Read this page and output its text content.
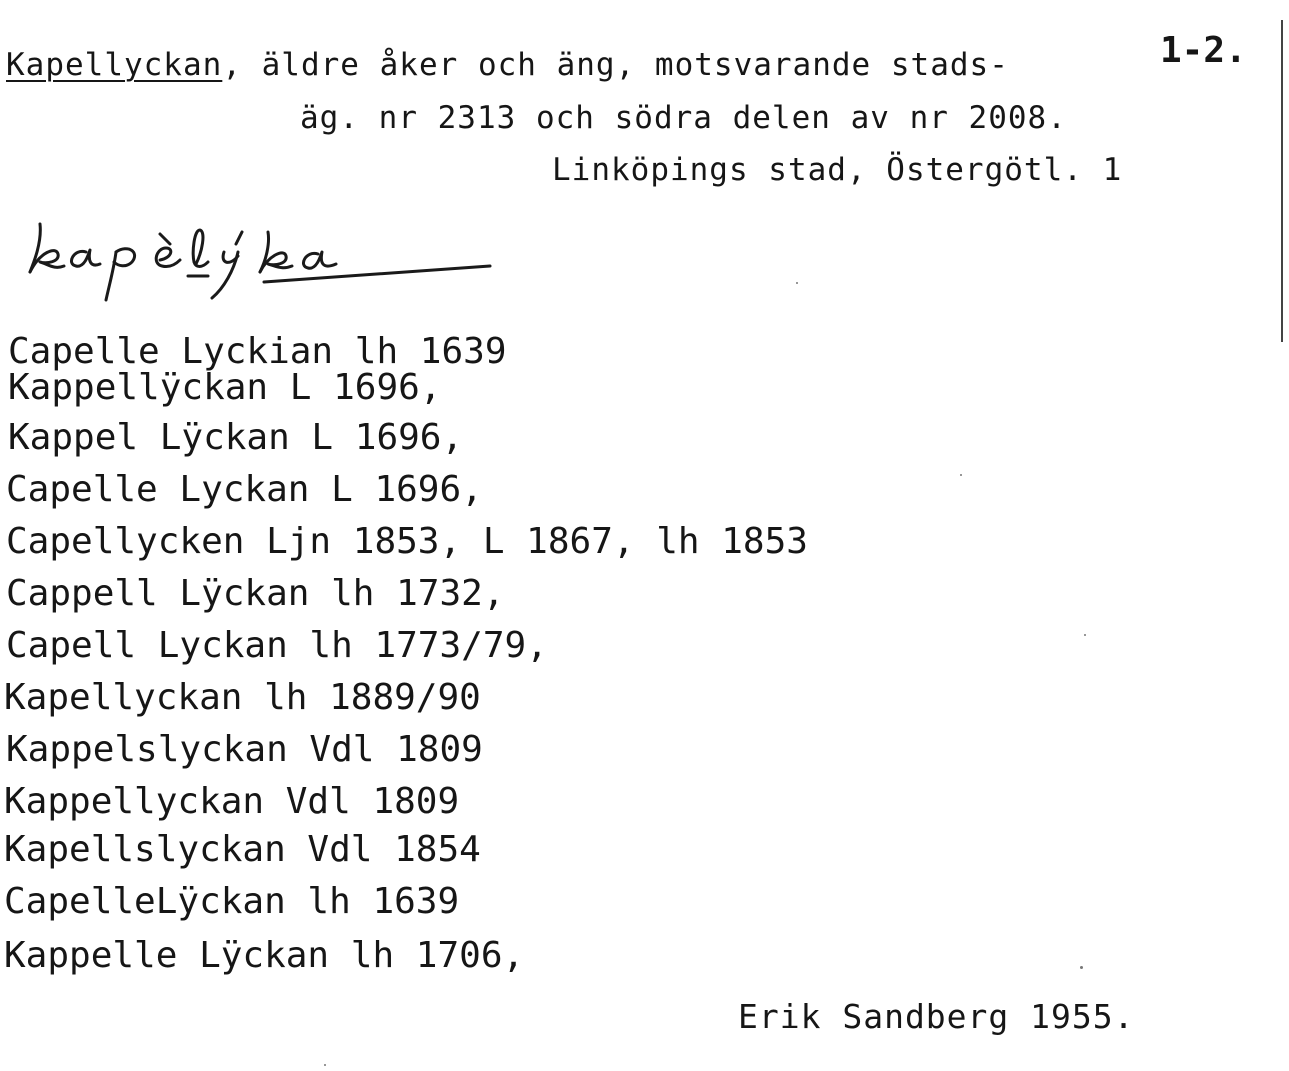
1-2.
Kapellyckan, äldre åker och äng, motsvarande stads-
äg. nr 2313 och södra delen av nr 2008.
Linköpings stad, Östergötl. 1
Capelle Lyckian lh 1639
Kappellÿckan L 1696,
Kappel Lÿckan L 1696,
Capelle Lyckan L 1696,
Capellycken Ljn 1853, L 1867, lh 1853
Cappell Lÿckan lh 1732,
Capell Lyckan lh 1773/79,
Kapellyckan lh 1889/90
Kappelslyckan Vdl 1809
Kappellyckan Vdl 1809
Kapellslyckan Vdl 1854
CapelleLÿckan lh 1639
Kappelle Lÿckan lh 1706,
Erik Sandberg 1955.
